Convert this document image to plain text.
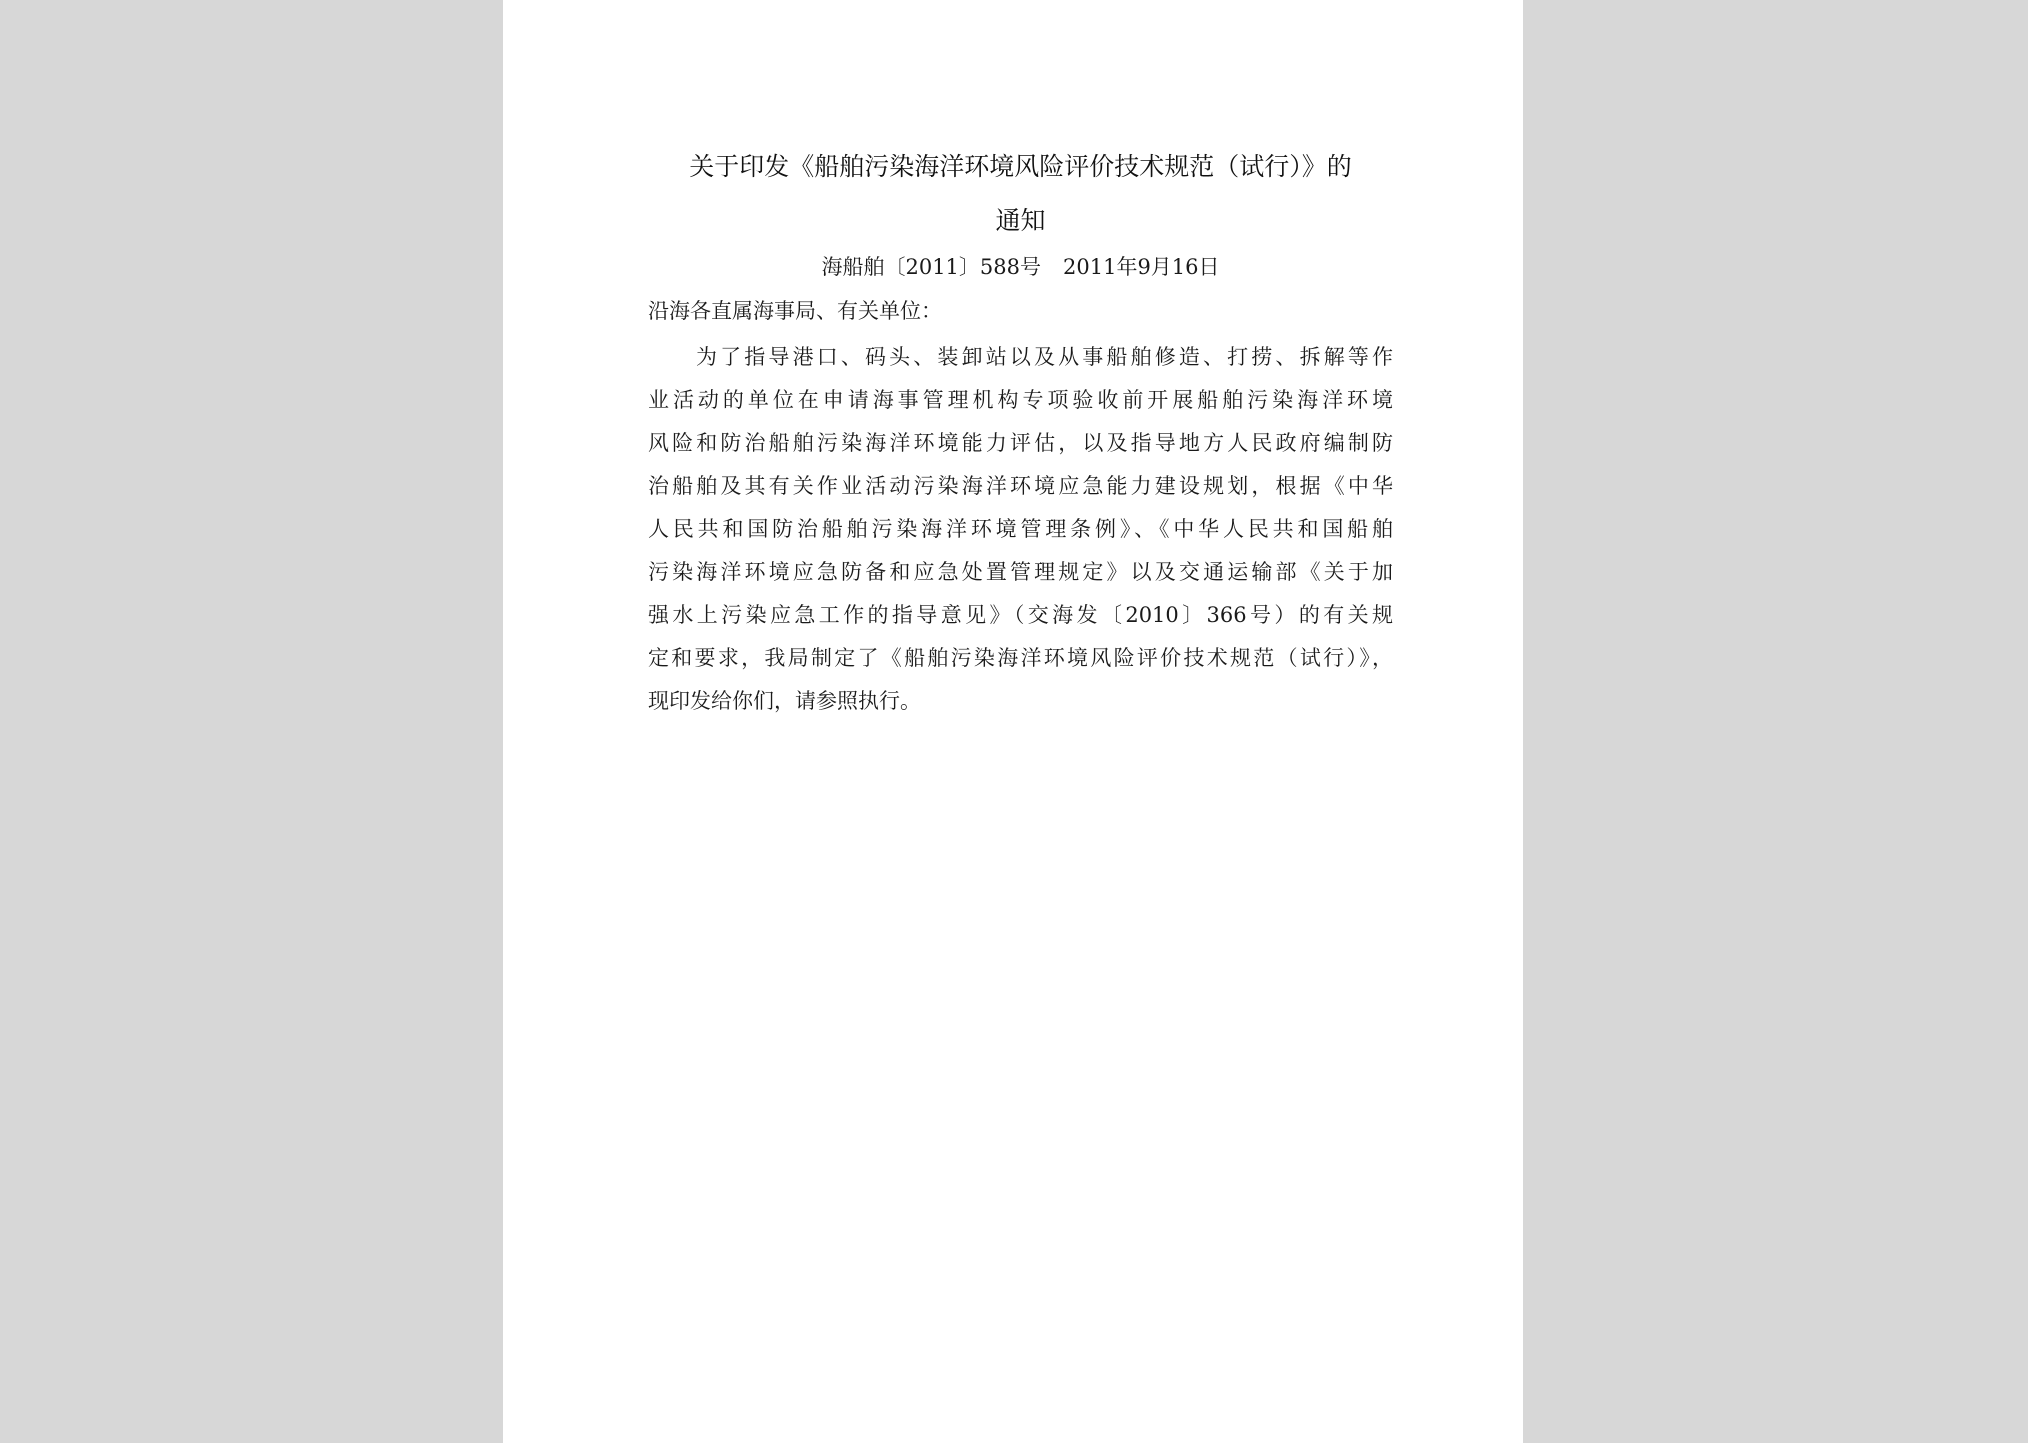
关于印发《船舶污染海洋环境风险评价技术规范（试行）》的
通知
海船舶〔2011〕588号 2011年9月16日
沿海各直属海事局、有关单位：
为了指导港口、码头、装卸站以及从事船舶修造、打捞、拆解等作
业活动的单位在申请海事管理机构专项验收前开展船舶污染海洋环境
风险和防治船舶污染海洋环境能力评估，以及指导地方人民政府编制防
治船舶及其有关作业活动污染海洋环境应急能力建设规划，根据《中华
人民共和国防治船舶污染海洋环境管理条例》、《中华人民共和国船舶
污染海洋环境应急防备和应急处置管理规定》以及交通运输部《关于加
强水上污染应急工作的指导意见》（交海发〔2010〕366号）的有关规
定和要求，我局制定了《船舶污染海洋环境风险评价技术规范（试行）》，
现印发给你们，请参照执行。
